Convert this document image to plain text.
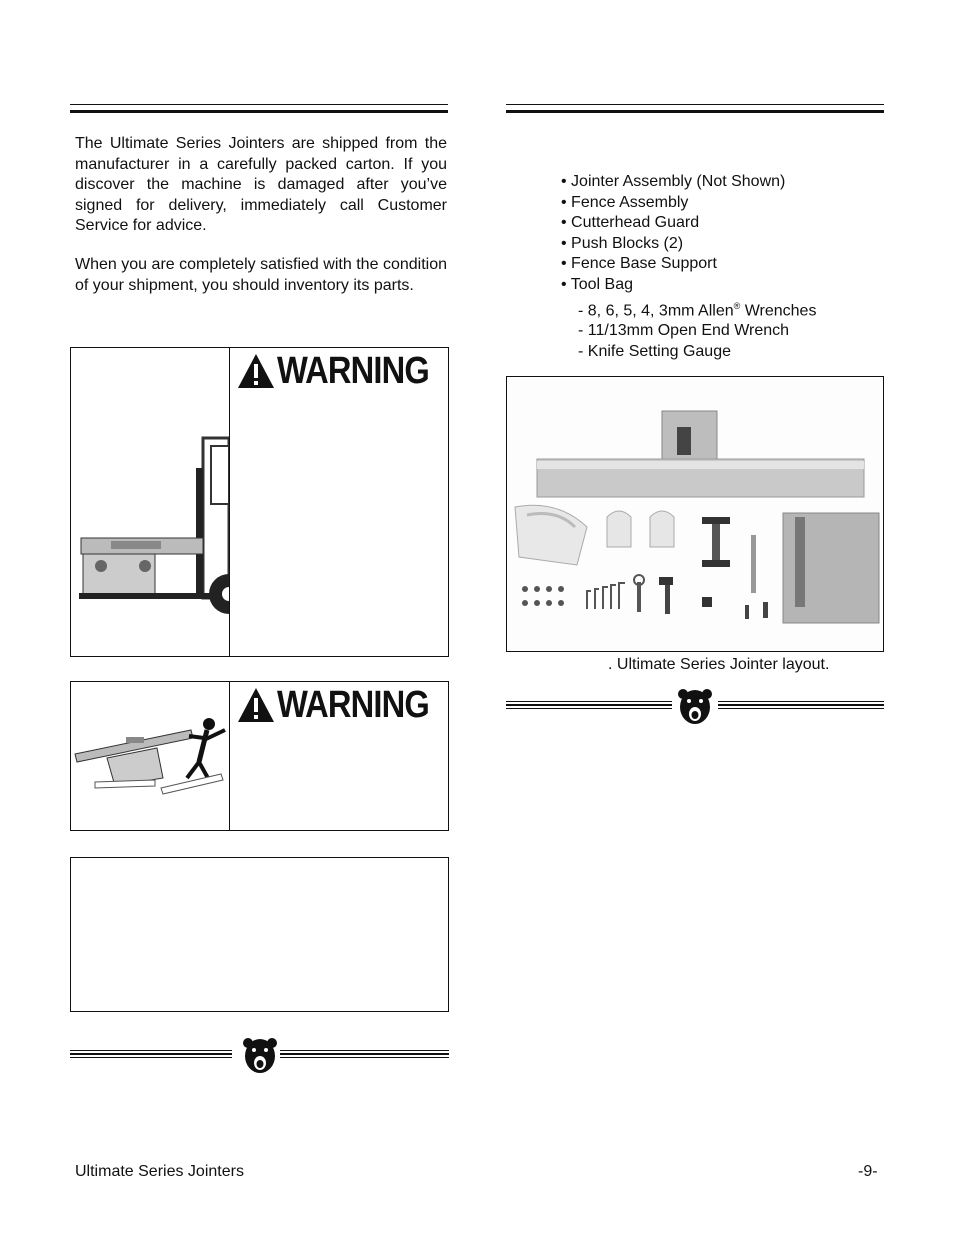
The Ultimate Series Jointers are shipped from the manufacturer in a carefully packed carton. If you discover the machine is damaged after you’ve signed for delivery, immediately call Customer Service for advice.

When you are completely satisfied with the condition of your shipment, you should inventory its parts.

WARNING
WARNING
• Jointer Assembly (Not Shown)
• Fence Assembly
• Cutterhead Guard
• Push Blocks (2)
• Fence Base Support
• Tool Bag
- 8, 6, 5, 4, 3mm Allen® Wrenches
- 11/13mm Open End Wrench
- Knife Setting Gauge
. Ultimate Series Jointer layout.
Ultimate Series Jointers	-9-
